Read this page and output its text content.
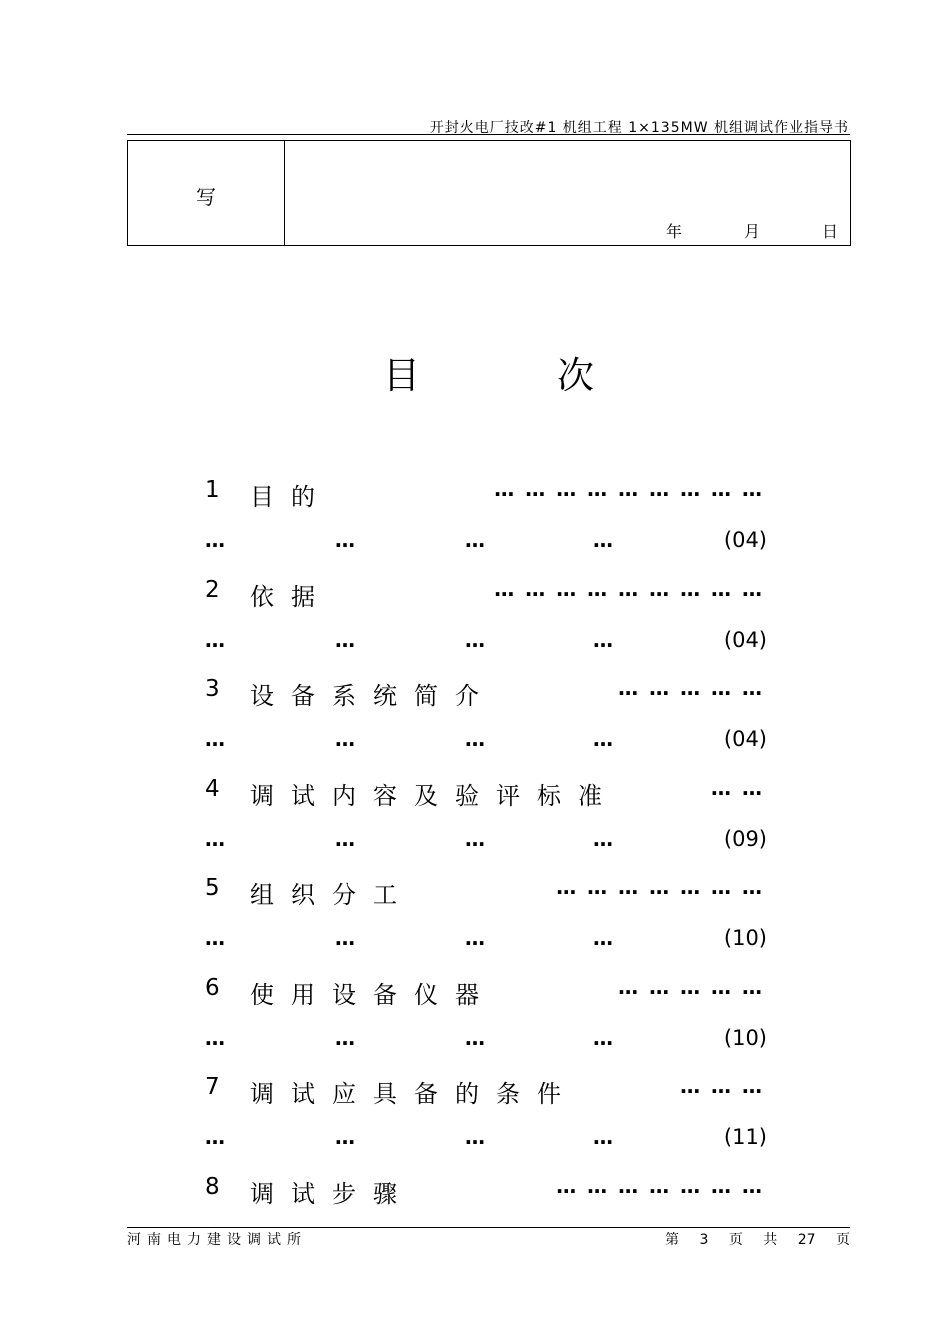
开封火电厂技改#1 机组工程 1×135MW 机组调试作业指导书
写
年	月	日
目	次
1 目 的	… … … … … … … … …
…	…	…	…	(04)
2 依 据	… … … … … … … … …
…	…	…	…	(04)
3 设 备 系 统 简 介	… … … … …
…	…	…	…	(04)
4 调 试 内 容 及 验 评 标 准	… …
…	…	…	…	(09)
5 组 织 分 工	… … … … … … …
…	…	…	…	(10)
6 使 用 设 备 仪 器	… … … … …
…	…	…	…	(10)
7 调 试 应 具 备 的 条 件	… … …
…	…	…	…	(11)
8 调 试 步 骤	… … … … … … …
河南电力建设调试所	第 3 页 共 27 页
